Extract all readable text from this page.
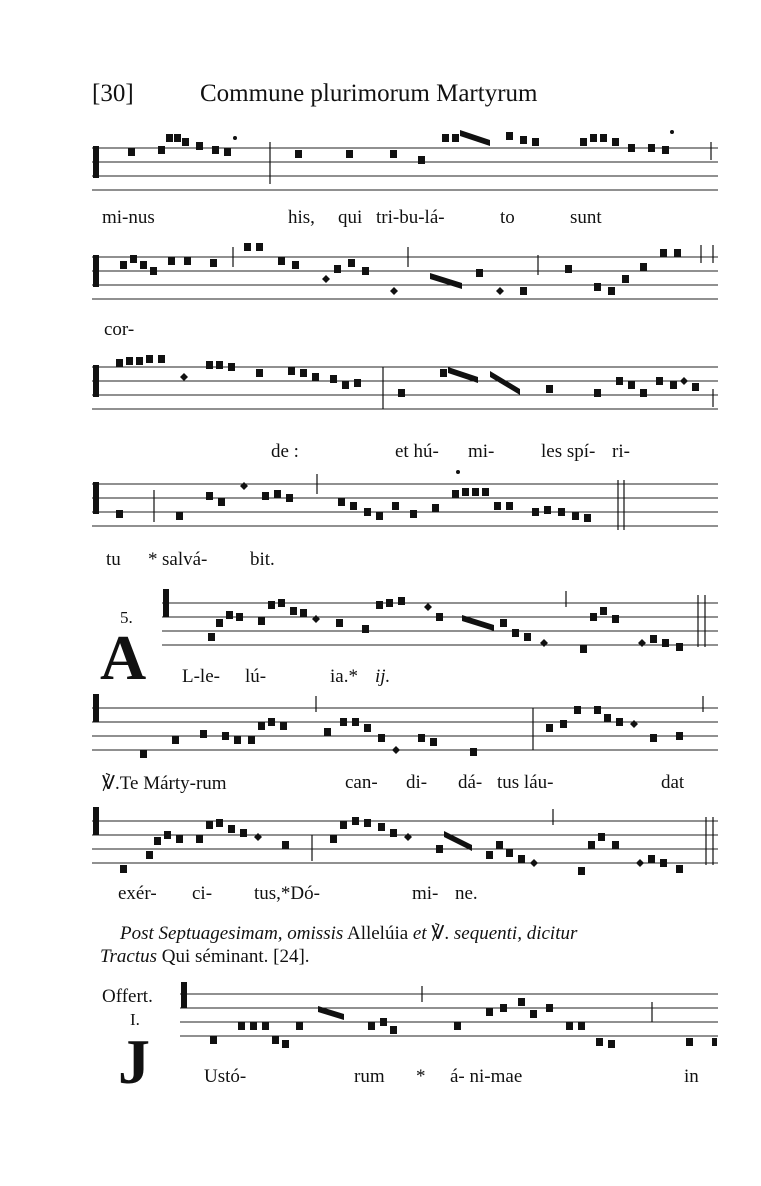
[30]	Commune plurimorum Martyrum
mi-nus	his, qui tri-bu-lá-	to	sunt
cor-
de :	et hú- mi- les spí- ri-
tu * salvá- bit.
5.
A L-le- lú-	ia.* ij.
℣.Te Márty-rum	can- di- dá- tus láu-	dat
exér- ci- tus,*Dó-	mi- ne.
Post Septuagesimam, omissis Allelúia et ℣. sequenti, dicitur
Tractus Qui séminant. [24].
Offert.
I.
J	Ustó-	rum * á- ni-mae	in
